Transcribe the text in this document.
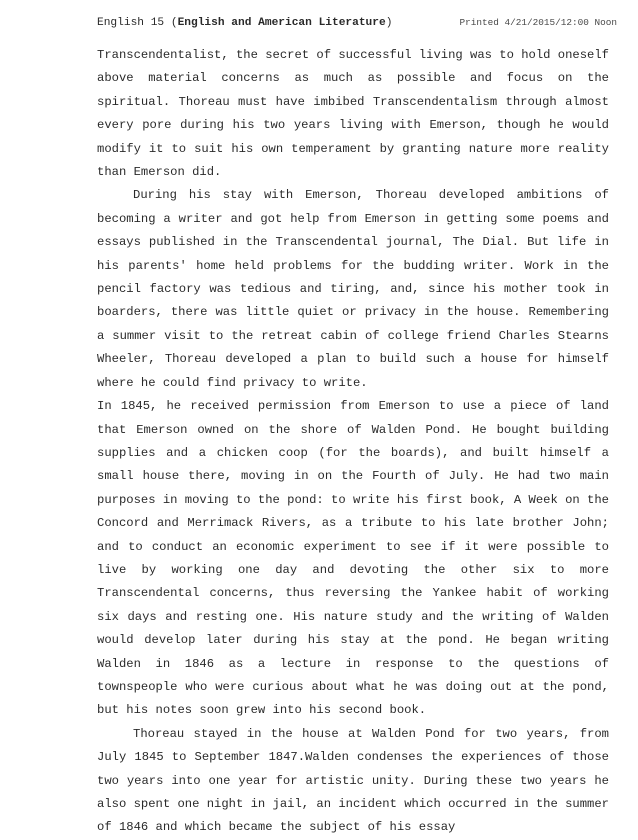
English 15 (English and American Literature)	Printed 4/21/2015/12:00 Noon

Transcendentalist, the secret of successful living was to hold oneself above material concerns as much as possible and focus on the spiritual. Thoreau must have imbibed Transcendentalism through almost every pore during his two years living with Emerson, though he would modify it to suit his own temperament by granting nature more reality than Emerson did.

During his stay with Emerson, Thoreau developed ambitions of becoming a writer and got help from Emerson in getting some poems and essays published in the Transcendental journal, The Dial. But life in his parents' home held problems for the budding writer. Work in the pencil factory was tedious and tiring, and, since his mother took in boarders, there was little quiet or privacy in the house. Remembering a summer visit to the retreat cabin of college friend Charles Stearns Wheeler, Thoreau developed a plan to build such a house for himself where he could find privacy to write.

In 1845, he received permission from Emerson to use a piece of land that Emerson owned on the shore of Walden Pond. He bought building supplies and a chicken coop (for the boards), and built himself a small house there, moving in on the Fourth of July. He had two main purposes in moving to the pond: to write his first book, A Week on the Concord and Merrimack Rivers, as a tribute to his late brother John; and to conduct an economic experiment to see if it were possible to live by working one day and devoting the other six to more Transcendental concerns, thus reversing the Yankee habit of working six days and resting one. His nature study and the writing of Walden would develop later during his stay at the pond. He began writing Walden in 1846 as a lecture in response to the questions of townspeople who were curious about what he was doing out at the pond, but his notes soon grew into his second book.

Thoreau stayed in the house at Walden Pond for two years, from July 1845 to September 1847.Walden condenses the experiences of those two years into one year for artistic unity. During these two years he also spent one night in jail, an incident which occurred in the summer of 1846 and which became the subject of his essay
